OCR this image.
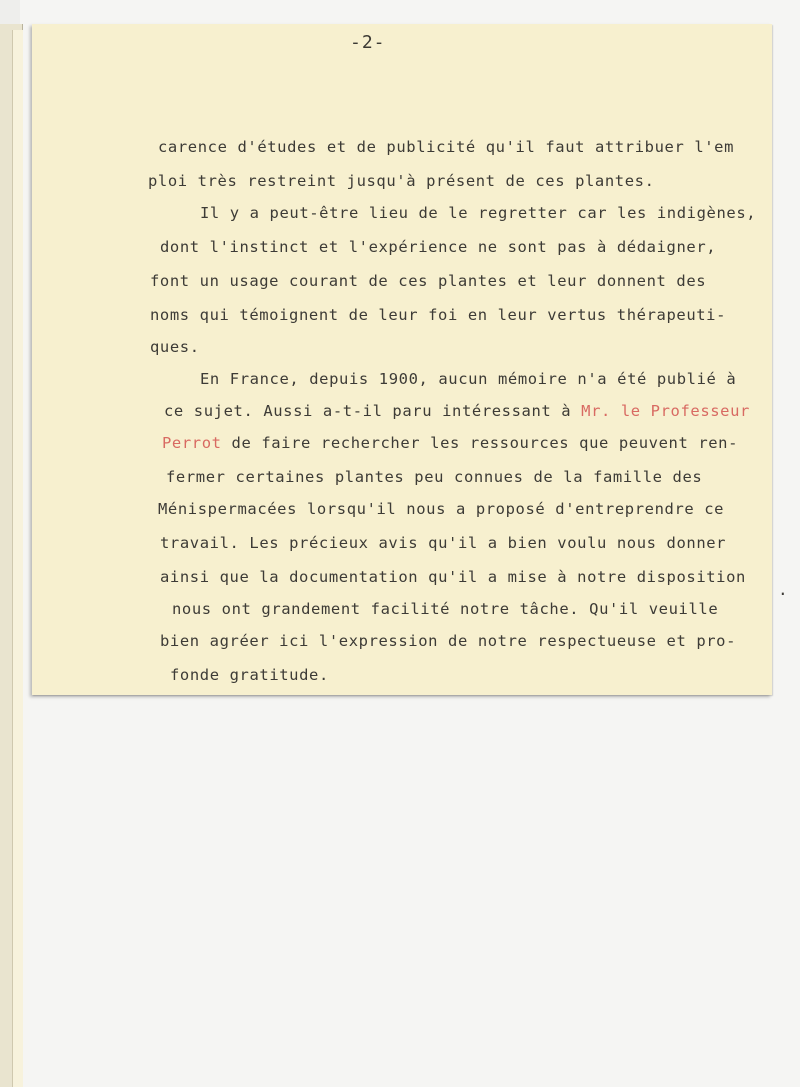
-2-
carence d'études et de publicité qu'il faut attribuer l'em
ploi très restreint jusqu'à présent de ces plantes.
Il y a peut-être lieu de le regretter car les indigènes,
dont l'instinct et l'expérience ne sont pas à dédaigner,
font un usage courant de ces plantes et leur donnent des
noms qui témoignent de leur foi en leur vertus thérapeuti-
ques.
En France, depuis 1900, aucun mémoire n'a été publié à
ce sujet. Aussi a-t-il paru intéressant à Mr. le Professeur
Perrot de faire rechercher les ressources que peuvent ren-
fermer certaines plantes peu connues de la famille des
Ménispermacées lorsqu'il nous a proposé d'entreprendre ce
travail. Les précieux avis qu'il a bien voulu nous donner
ainsi que la documentation qu'il a mise à notre disposition
nous ont grandement facilité notre tâche. Qu'il veuille
bien agréer ici l'expression de notre respectueuse et pro-
fonde gratitude.
.
